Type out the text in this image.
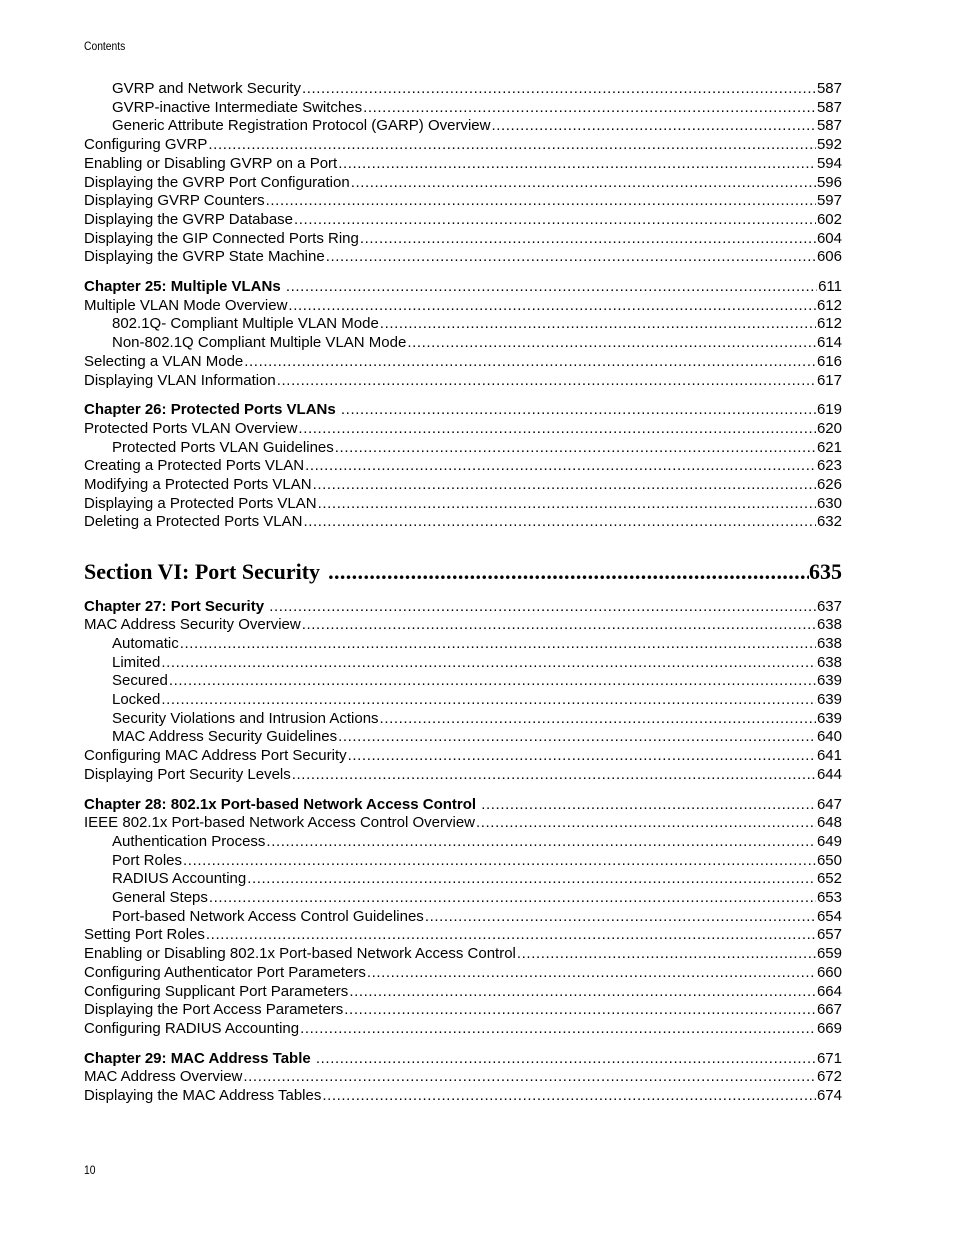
Contents
GVRP and Network Security .....	587
GVRP-inactive Intermediate Switches .....	587
Generic Attribute Registration Protocol (GARP) Overview .....	587
Configuring GVRP .....	592
Enabling or Disabling GVRP on a Port .....	594
Displaying the GVRP Port Configuration .....	596
Displaying GVRP Counters .....	597
Displaying the GVRP Database .....	602
Displaying the GIP Connected Ports Ring .....	604
Displaying the GVRP State Machine .....	606
Chapter 25: Multiple VLANs .....	611
Multiple VLAN Mode Overview .....	612
802.1Q- Compliant Multiple VLAN Mode .....	612
Non-802.1Q Compliant Multiple VLAN Mode .....	614
Selecting a VLAN Mode .....	616
Displaying VLAN Information .....	617
Chapter 26: Protected Ports VLANs .....	619
Protected Ports VLAN Overview .....	620
Protected Ports VLAN Guidelines .....	621
Creating a Protected Ports VLAN .....	623
Modifying a Protected Ports VLAN .....	626
Displaying a Protected Ports VLAN .....	630
Deleting a Protected Ports VLAN .....	632
Section VI: Port Security .....	635
Chapter 27: Port Security .....	637
MAC Address Security Overview .....	638
Automatic .....	638
Limited .....	638
Secured .....	639
Locked .....	639
Security Violations and Intrusion Actions .....	639
MAC Address Security Guidelines .....	640
Configuring MAC Address Port Security .....	641
Displaying Port Security Levels .....	644
Chapter 28: 802.1x Port-based Network Access Control .....	647
IEEE 802.1x Port-based Network Access Control Overview .....	648
Authentication Process .....	649
Port Roles .....	650
RADIUS Accounting .....	652
General Steps .....	653
Port-based Network Access Control Guidelines .....	654
Setting Port Roles .....	657
Enabling or Disabling 802.1x Port-based Network Access Control .....	659
Configuring Authenticator Port Parameters .....	660
Configuring Supplicant Port Parameters .....	664
Displaying the Port Access Parameters .....	667
Configuring RADIUS Accounting .....	669
Chapter 29: MAC Address Table .....	671
MAC Address Overview .....	672
Displaying the MAC Address Tables .....	674
10
